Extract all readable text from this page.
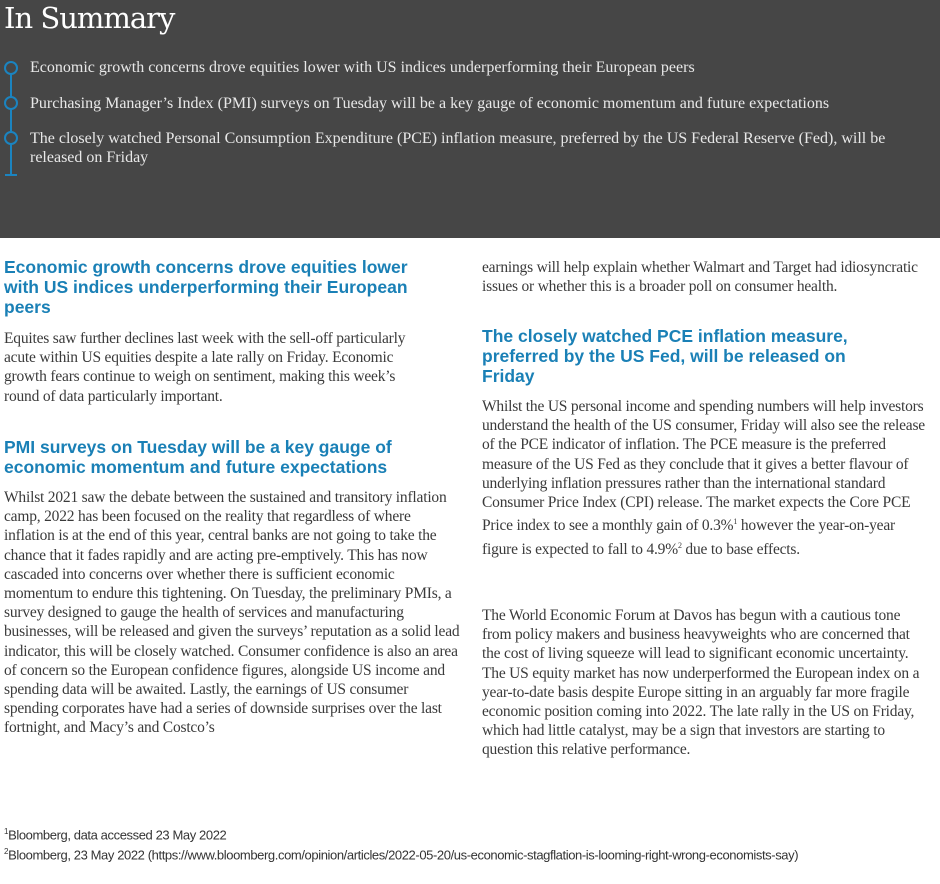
In Summary
Economic growth concerns drove equities lower with US indices underperforming their European peers
Purchasing Manager’s Index (PMI) surveys on Tuesday will be a key gauge of economic momentum and future expectations
The closely watched Personal Consumption Expenditure (PCE) inflation measure, preferred by the US Federal Reserve (Fed), will be released on Friday
Economic growth concerns drove equities lower with US indices underperforming their European peers

Equites saw further declines last week with the sell-off particularly acute within US equities despite a late rally on Friday. Economic growth fears continue to weigh on sentiment, making this week’s round of data particularly important.

PMI surveys on Tuesday will be a key gauge of economic momentum and future expectations

Whilst 2021 saw the debate between the sustained and transitory inflation camp, 2022 has been focused on the reality that regardless of where inflation is at the end of this year, central banks are not going to take the chance that it fades rapidly and are acting pre-emptively. This has now cascaded into concerns over whether there is sufficient economic momentum to endure this tightening. On Tuesday, the preliminary PMIs, a survey designed to gauge the health of services and manufacturing businesses, will be released and given the surveys’ reputation as a solid lead indicator, this will be closely watched. Consumer confidence is also an area of concern so the European confidence figures, alongside US income and spending data will be awaited. Lastly, the earnings of US consumer spending corporates have had a series of downside surprises over the last fortnight, and Macy’s and Costco’s

earnings will help explain whether Walmart and Target had idiosyncratic issues or whether this is a broader poll on consumer health.

The closely watched PCE inflation measure, preferred by the US Fed, will be released on Friday

Whilst the US personal income and spending numbers will help investors understand the health of the US consumer, Friday will also see the release of the PCE indicator of inflation. The PCE measure is the preferred measure of the US Fed as they conclude that it gives a better flavour of underlying inflation pressures rather than the international standard Consumer Price Index (CPI) release. The market expects the Core PCE Price index to see a monthly gain of 0.3%$^1$ however the year-on-year figure is expected to fall to 4.9%$^2$ due to base effects.

The World Economic Forum at Davos has begun with a cautious tone from policy makers and business heavyweights who are concerned that the cost of living squeeze will lead to significant economic uncertainty. The US equity market has now underperformed the European index on a year-to-date basis despite Europe sitting in an arguably far more fragile economic position coming into 2022. The late rally in the US on Friday, which had little catalyst, may be a sign that investors are starting to question this relative performance.

$^1$Bloomberg, data accessed 23 May 2022
$^2$Bloomberg, 23 May 2022 (https://www.bloomberg.com/opinion/articles/2022-05-20/us-economic-stagflation-is-looming-right-wrong-economists-say)
